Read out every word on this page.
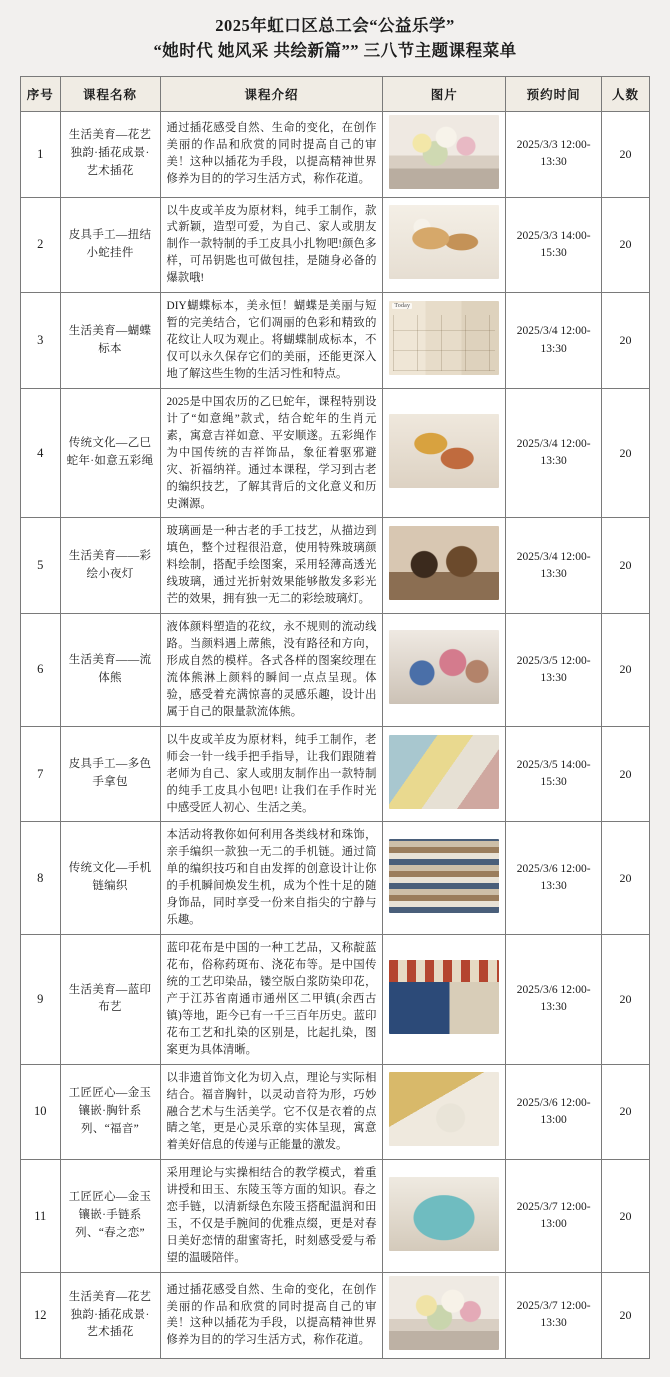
2025年虹口区总工会“公益乐学”
“她时代 她风采 共绘新篇”” 三八节主题课程菜单
序号	课程名称	课程介绍	图片	预约时间	人数
1	生活美育—花艺独韵·插花成景·艺术插花	通过插花感受自然、生命的变化，在创作美丽的作品和欣赏的同时提高自己的审美！这种以插花为手段，以提高精神世界修养为目的的学习生活方式，称作花道。		2025/3/3 12:00-13:30	20
2	皮具手工—扭结小蛇挂件	以牛皮或羊皮为原材料，纯手工制作，款式新颖，造型可爱，为自己、家人或朋友制作一款特制的手工皮具小扎物吧!颜色多样，可吊钥匙也可做包挂，是随身必备的爆款哦!		2025/3/3 14:00-15:30	20
3	生活美育—蝴蝶标本	DIY蝴蝶标本，美永恒！蝴蝶是美丽与短暂的完美结合，它们凋丽的色彩和精致的花纹让人叹为观止。将蝴蝶制成标本，不仅可以永久保存它们的美丽，还能更深入地了解这些生物的生活习性和特点。	Today	2025/3/4 12:00-13:30	20
4	传统文化—乙巳蛇年·如意五彩绳	2025是中国农历的乙巳蛇年，课程特别设计了“如意绳”款式，结合蛇年的生肖元素，寓意吉祥如意、平安顺遂。五彩绳作为中国传统的吉祥饰品，象征着驱邪避灾、祈福纳祥。通过本课程，学习到古老的编织技艺，了解其背后的文化意义和历史渊源。		2025/3/4 12:00-13:30	20
5	生活美育——彩绘小夜灯	玻璃画是一种古老的手工技艺，从描边到填色，整个过程很沿意，使用特殊玻璃颜料绘制，搭配手绘图案，采用轻薄高透光线玻璃，通过光折射效果能够散发多彩光芒的效果，拥有独一无二的彩绘玻璃灯。		2025/3/4 12:00-13:30	20
6	生活美育——流体熊	液体颜料塑造的花纹，永不规则的流动线路。当颜料遇上蓆熊，没有路径和方向，形成自然的模样。各式各样的图案绞理在流体熊淋上颜料的瞬间一点点呈现。体验，感受着充满惊喜的灵感乐趣，设计出属于自己的限量款流体熊。		2025/3/5 12:00-13:30	20
7	皮具手工—多色手拿包	以牛皮或羊皮为原材料，纯手工制作，老师会一针一线手把手指导，让我们跟随着老师为自己、家人或朋友制作出一款特制的纯手工皮具小包吧! 让我们在手作时光中感受匠人初心、生活之美。		2025/3/5 14:00-15:30	20
8	传统文化—手机链编织	本活动将教你如何利用各类线材和珠饰，亲手编织一款独一无二的手机链。通过简单的编织技巧和自由发挥的创意设计让你的手机瞬间焕发生机，成为个性十足的随身饰品，同时享受一份来自指尖的宁静与乐趣。		2025/3/6 12:00-13:30	20
9	生活美育—蓝印布艺	蓝印花布是中国的一种工艺品，又称靛蓝花布，俗称药斑布、浇花布等。是中国传统的工艺印染品，镂空版白浆防染印花，产于江苏省南通市通州区二甲镇(余西古镇)等地，距今已有一千三百年历史。蓝印花布工艺和扎染的区别是，比起扎染，图案更为具体清晰。		2025/3/6 12:00-13:30	20
10	工匠匠心—金玉镶嵌·胸针系列、“福音”	以非遗首饰文化为切入点，理论与实际相结合。福音胸针，以灵动音符为形，巧妙融合艺术与生活美学。它不仅是衣着的点睛之笔，更是心灵乐章的实体呈现，寓意着美好信息的传递与正能量的激发。		2025/3/6 12:00-13:00	20
11	工匠匠心—金玉镶嵌·手链系列、“春之恋”	采用理论与实操相结合的教学模式，着重讲授和田玉、东陵玉等方面的知识。春之恋手链，以清新绿色东陵玉搭配温润和田玉，不仅是手腕间的优雅点缀，更是对春日美好恋情的甜蜜寄托，时刻感受爱与希望的温暖陪伴。		2025/3/7 12:00-13:00	20
12	生活美育—花艺独韵·插花成景·艺术插花	通过插花感受自然、生命的变化，在创作美丽的作品和欣赏的同时提高自己的审美！这种以插花为手段，以提高精神世界修养为目的的学习生活方式，称作花道。		2025/3/7 12:00-13:30	20
